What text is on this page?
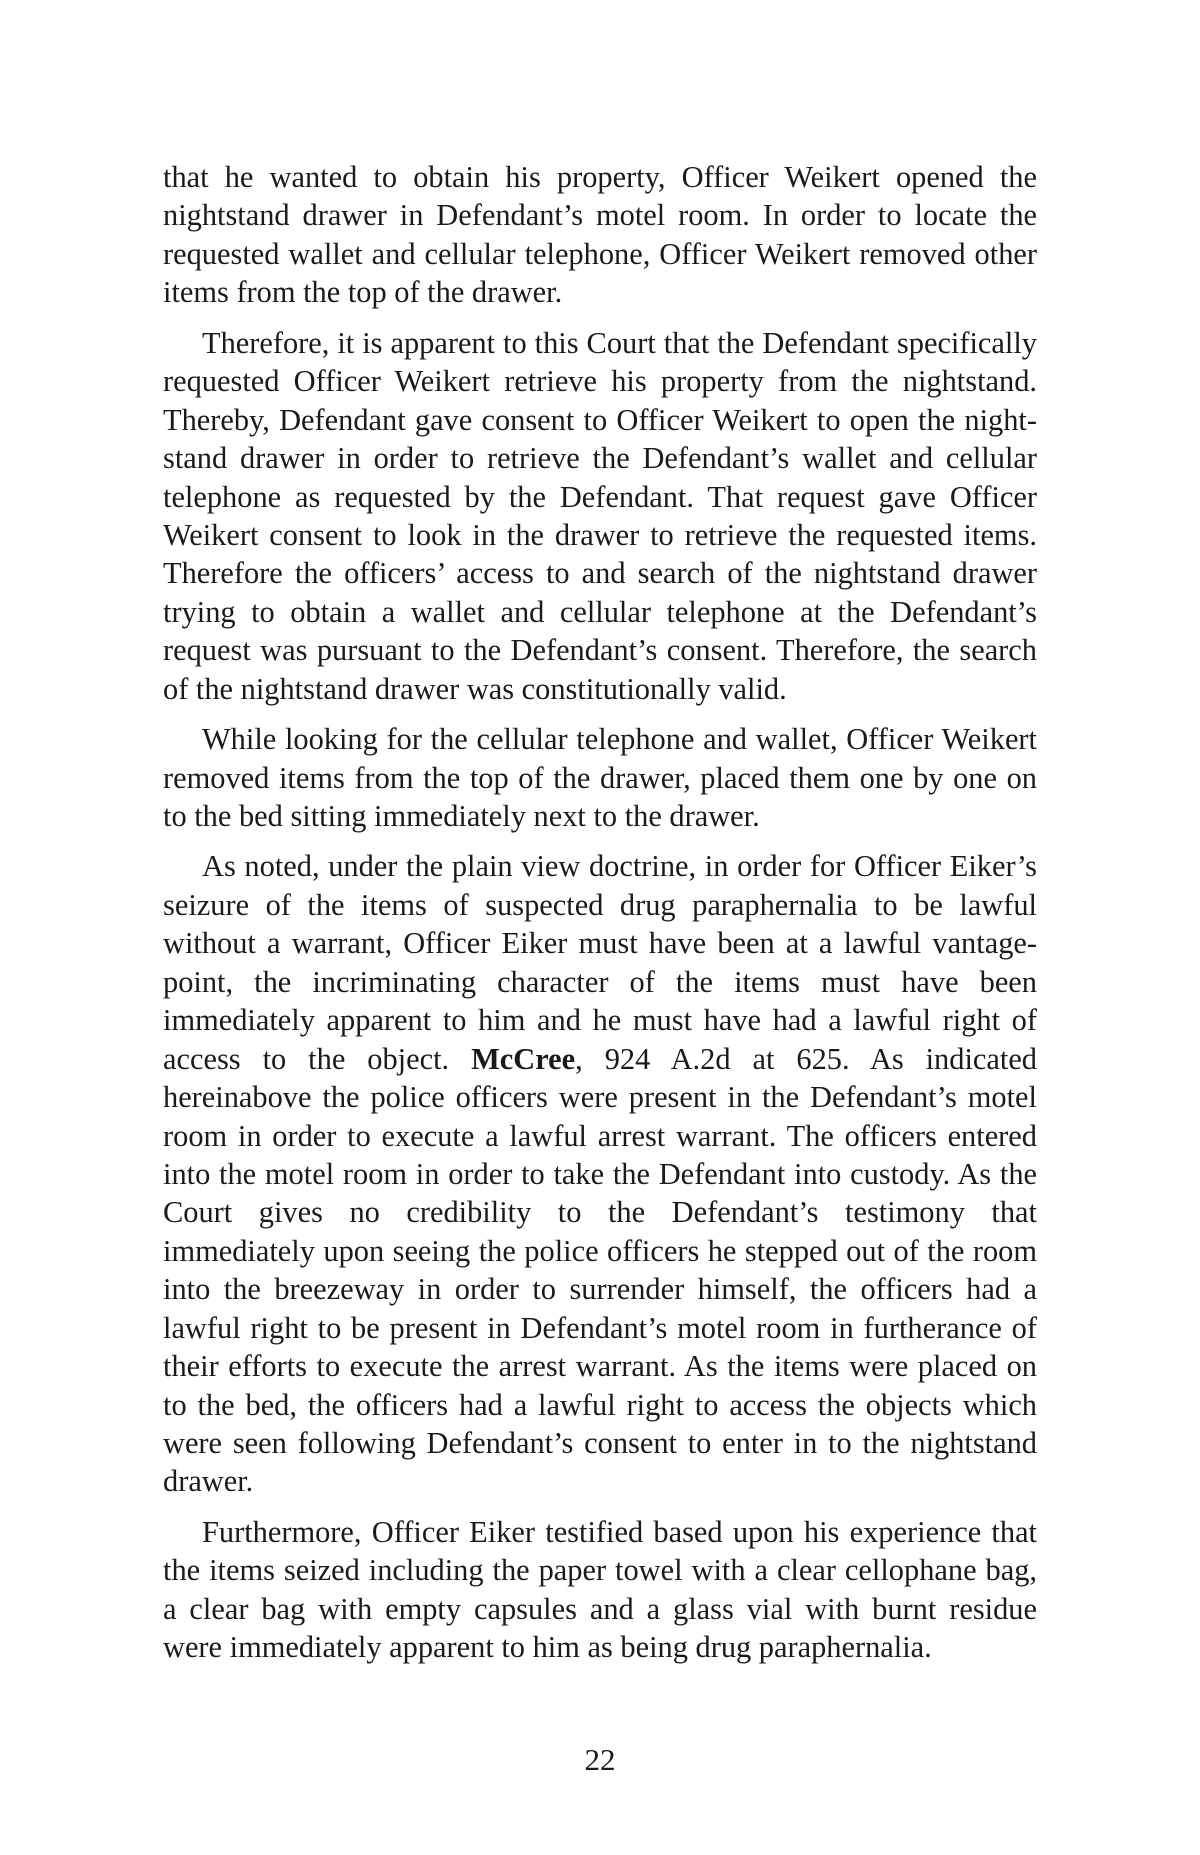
that he wanted to obtain his property, Officer Weikert opened the nightstand drawer in Defendant’s motel room. In order to locate the requested wallet and cellular telephone, Officer Weikert removed other items from the top of the drawer.

Therefore, it is apparent to this Court that the Defendant specifically requested Officer Weikert retrieve his property from the nightstand. Thereby, Defendant gave consent to Officer Weikert to open the nightstand drawer in order to retrieve the Defendant’s wallet and cellular telephone as requested by the Defendant. That request gave Officer Weikert consent to look in the drawer to retrieve the requested items. Therefore the officers’ access to and search of the nightstand drawer trying to obtain a wallet and cellular telephone at the Defendant’s request was pursuant to the Defendant’s consent. Therefore, the search of the nightstand drawer was constitutionally valid.

While looking for the cellular telephone and wallet, Officer Weikert removed items from the top of the drawer, placed them one by one on to the bed sitting immediately next to the drawer.

As noted, under the plain view doctrine, in order for Officer Eiker’s seizure of the items of suspected drug paraphernalia to be lawful without a warrant, Officer Eiker must have been at a lawful vantage-point, the incriminating character of the items must have been immediately apparent to him and he must have had a lawful right of access to the object. McCree, 924 A.2d at 625. As indicated hereinabove the police officers were present in the Defendant’s motel room in order to execute a lawful arrest warrant. The officers entered into the motel room in order to take the Defendant into custody. As the Court gives no credibility to the Defendant’s testimony that immediately upon seeing the police officers he stepped out of the room into the breezeway in order to surrender himself, the officers had a lawful right to be present in Defendant’s motel room in furtherance of their efforts to execute the arrest warrant. As the items were placed on to the bed, the officers had a lawful right to access the objects which were seen following Defendant’s consent to enter in to the nightstand drawer.

Furthermore, Officer Eiker testified based upon his experience that the items seized including the paper towel with a clear cellophane bag, a clear bag with empty capsules and a glass vial with burnt residue were immediately apparent to him as being drug paraphernalia.

22
